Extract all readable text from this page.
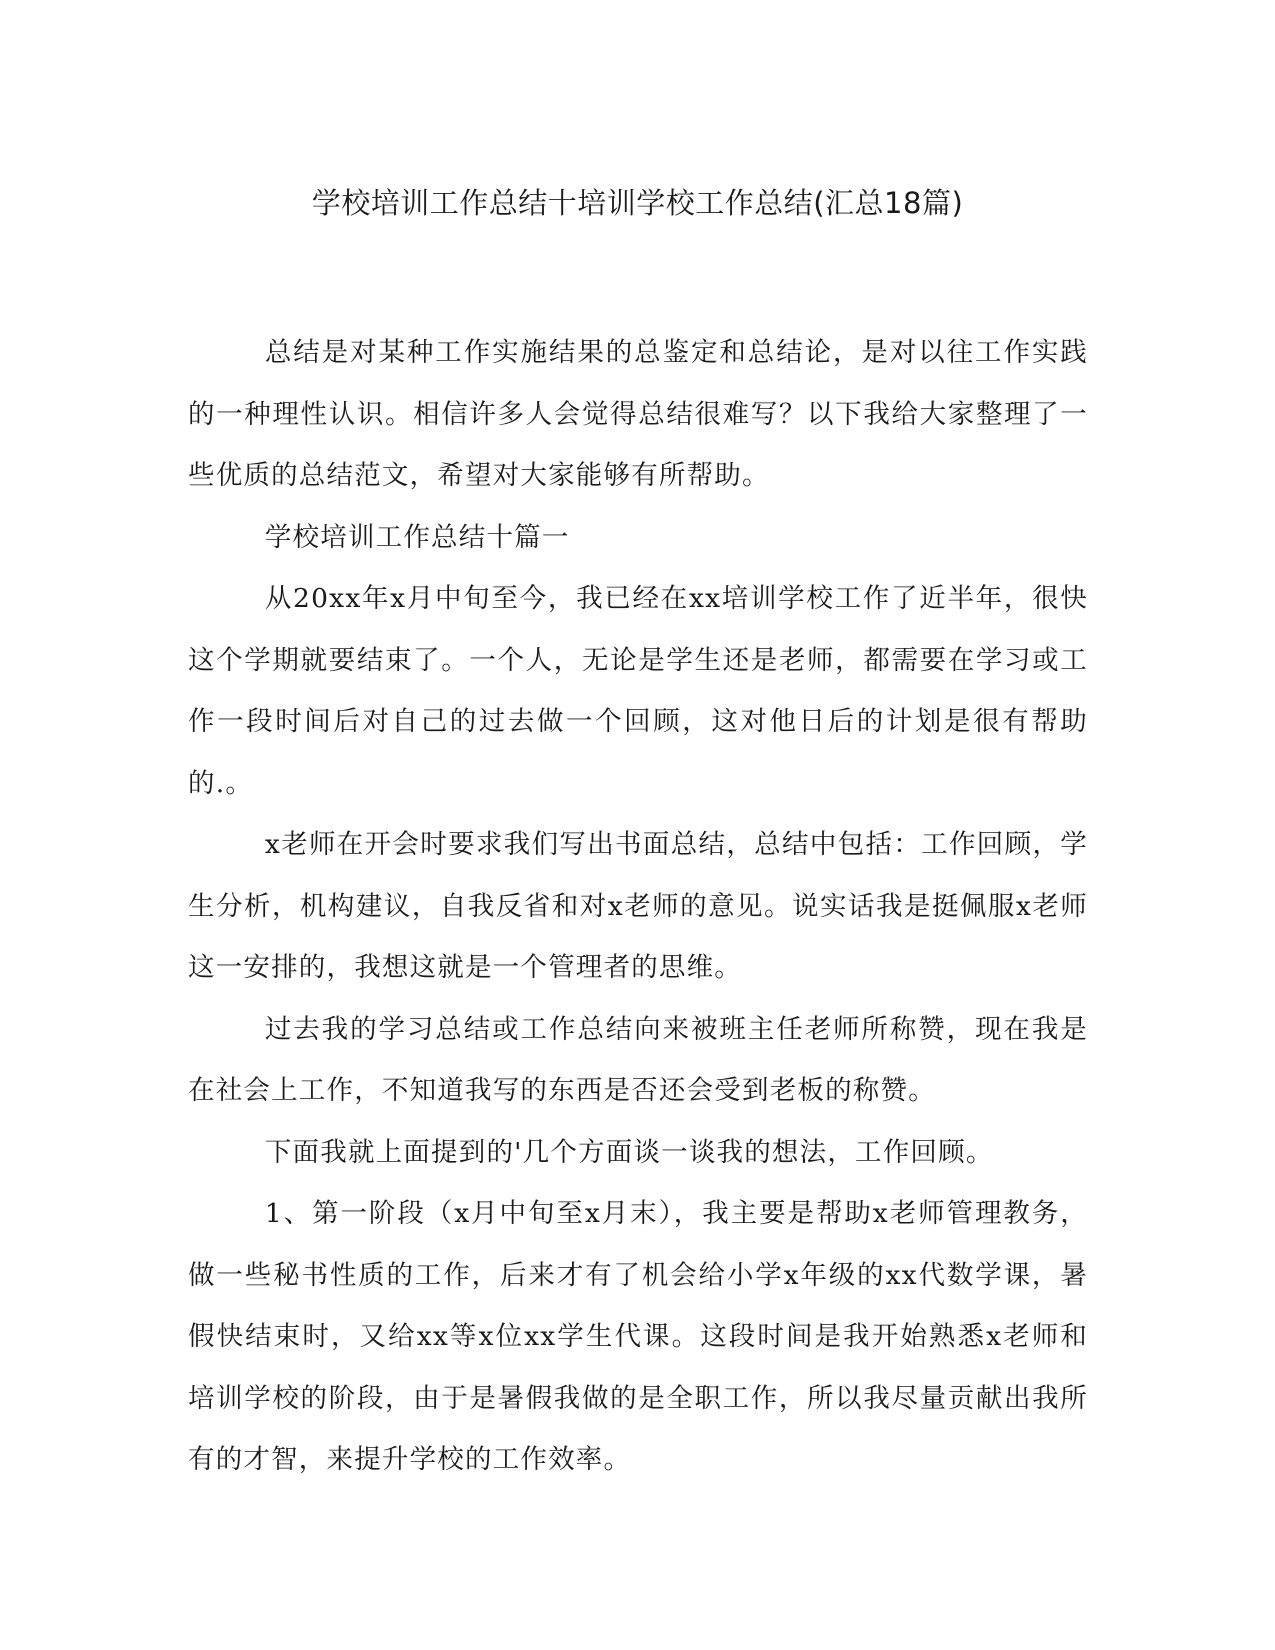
学校培训工作总结十培训学校工作总结(汇总18篇)

总结是对某种工作实施结果的总鉴定和总结论，是对以往工作实践的一种理性认识。相信许多人会觉得总结很难写？以下我给大家整理了一些优质的总结范文，希望对大家能够有所帮助。

学校培训工作总结十篇一

从20xx年x月中旬至今，我已经在xx培训学校工作了近半年，很快这个学期就要结束了。一个人，无论是学生还是老师，都需要在学习或工作一段时间后对自己的过去做一个回顾，这对他日后的计划是很有帮助的.。

x老师在开会时要求我们写出书面总结，总结中包括：工作回顾，学生分析，机构建议，自我反省和对x老师的意见。说实话我是挺佩服x老师这一安排的，我想这就是一个管理者的思维。

过去我的学习总结或工作总结向来被班主任老师所称赞，现在我是在社会上工作，不知道我写的东西是否还会受到老板的称赞。

下面我就上面提到的'几个方面谈一谈我的想法，工作回顾。

1、第一阶段（x月中旬至x月末），我主要是帮助x老师管理教务，做一些秘书性质的工作，后来才有了机会给小学x年级的xx代数学课，暑假快结束时，又给xx等x位xx学生代课。这段时间是我开始熟悉x老师和培训学校的阶段，由于是暑假我做的是全职工作，所以我尽量贡献出我所有的才智，来提升学校的工作效率。
